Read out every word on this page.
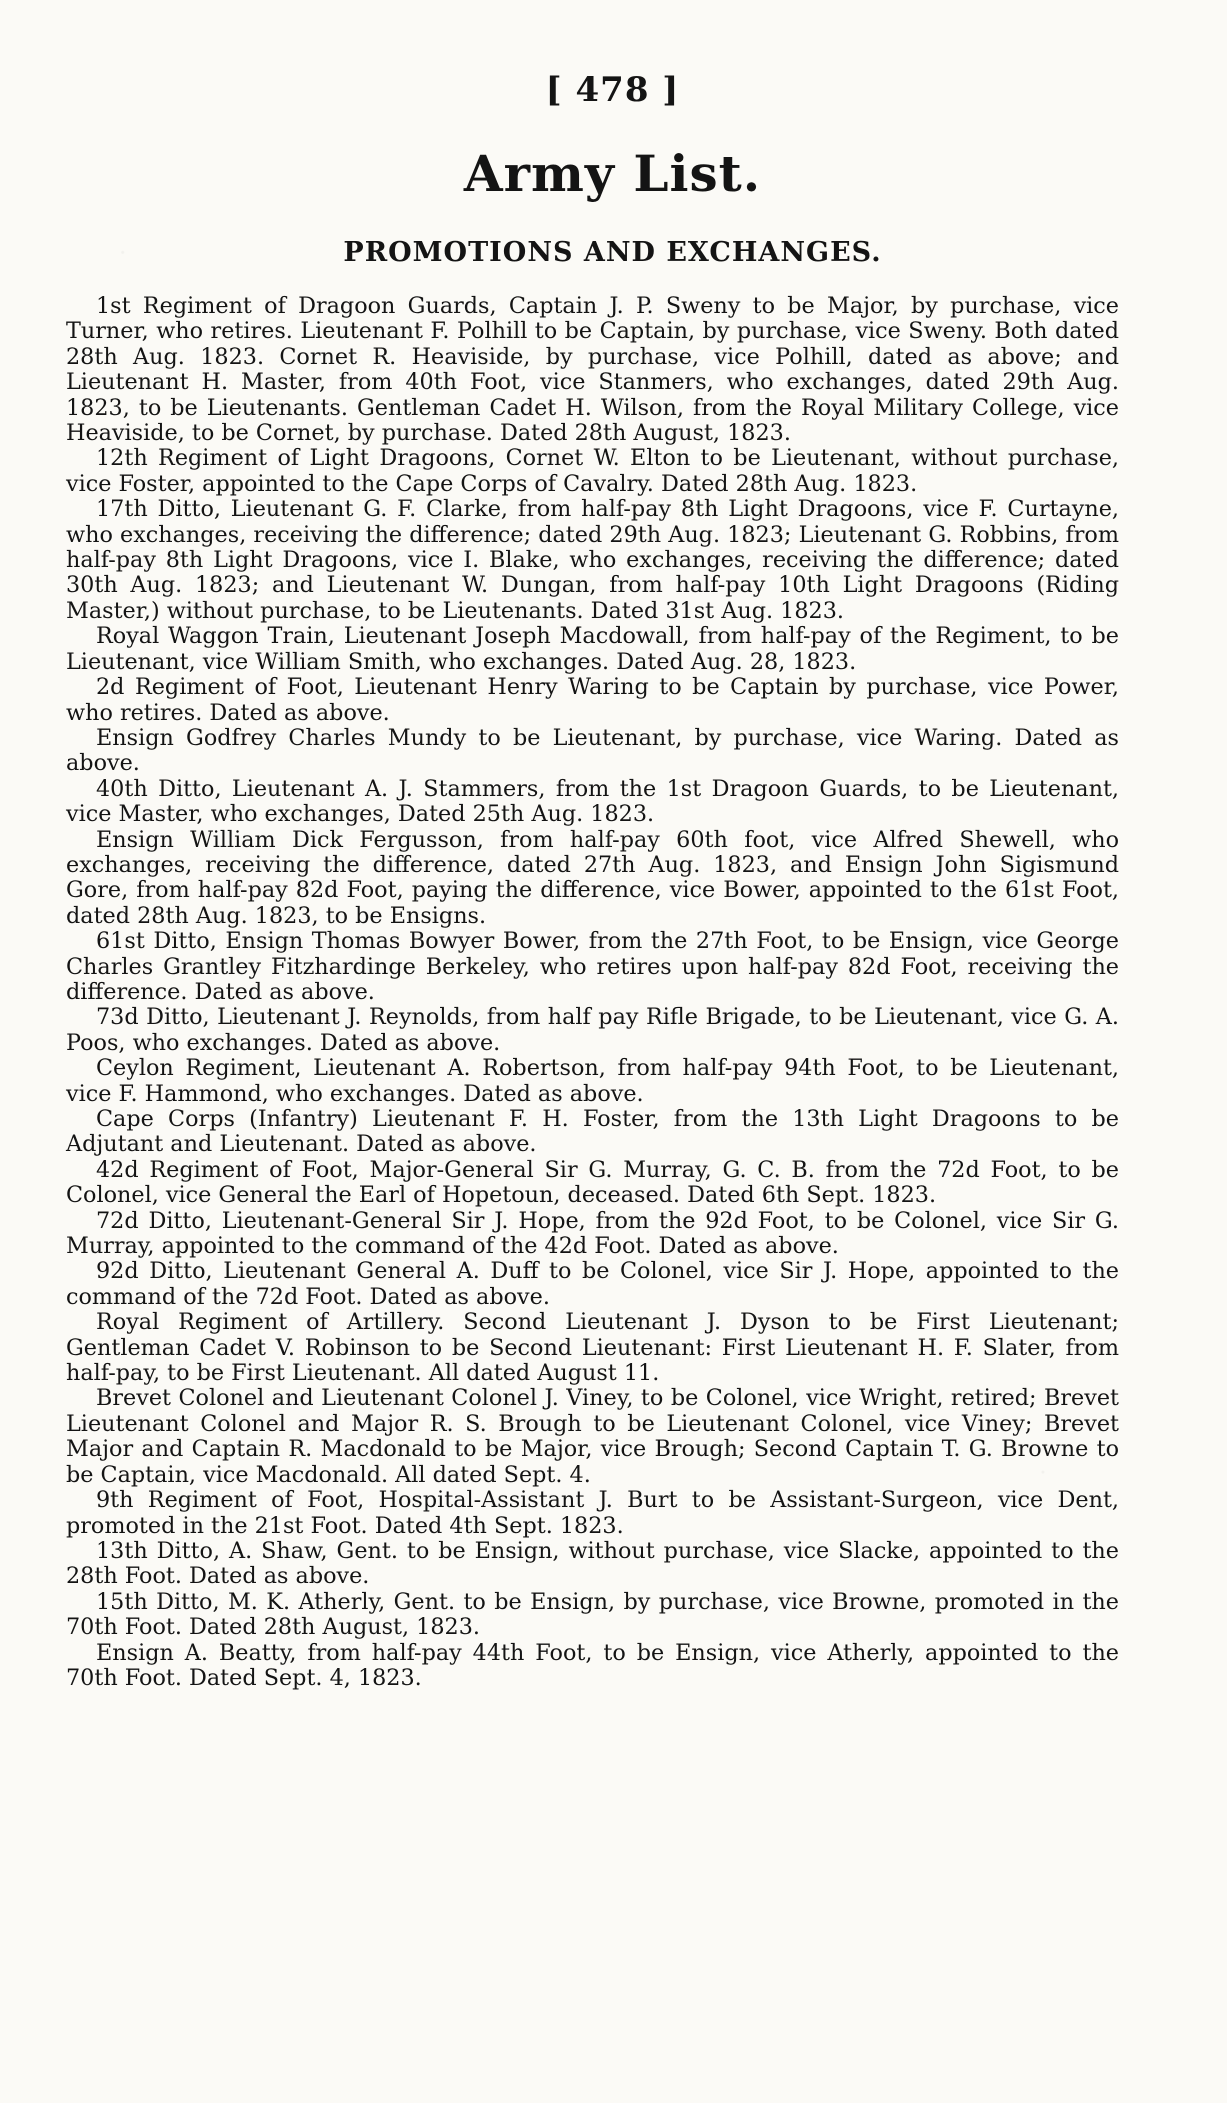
[ 478 ]
Army List.
PROMOTIONS AND EXCHANGES.

1st Regiment of Dragoon Guards, Captain J. P. Sweny to be Major, by purchase, vice Turner, who retires. Lieutenant F. Polhill to be Captain, by purchase, vice Sweny. Both dated 28th Aug. 1823. Cornet R. Heaviside, by purchase, vice Polhill, dated as above; and Lieutenant H. Master, from 40th Foot, vice Stanmers, who exchanges, dated 29th Aug. 1823, to be Lieutenants. Gentleman Cadet H. Wilson, from the Royal Military College, vice Heaviside, to be Cornet, by purchase. Dated 28th August, 1823.

12th Regiment of Light Dragoons, Cornet W. Elton to be Lieutenant, without purchase, vice Foster, appointed to the Cape Corps of Cavalry. Dated 28th Aug. 1823.

17th Ditto, Lieutenant G. F. Clarke, from half-pay 8th Light Dragoons, vice F. Curtayne, who exchanges, receiving the difference; dated 29th Aug. 1823; Lieutenant G. Robbins, from half-pay 8th Light Dragoons, vice I. Blake, who exchanges, receiving the difference; dated 30th Aug. 1823; and Lieutenant W. Dungan, from half-pay 10th Light Dragoons (Riding Master,) without purchase, to be Lieutenants. Dated 31st Aug. 1823.

Royal Waggon Train, Lieutenant Joseph Macdowall, from half-pay of the Regiment, to be Lieutenant, vice William Smith, who exchanges. Dated Aug. 28, 1823.

2d Regiment of Foot, Lieutenant Henry Waring to be Captain by purchase, vice Power, who retires. Dated as above.

Ensign Godfrey Charles Mundy to be Lieutenant, by purchase, vice Waring. Dated as above.

40th Ditto, Lieutenant A. J. Stammers, from the 1st Dragoon Guards, to be Lieutenant, vice Master, who exchanges, Dated 25th Aug. 1823.

Ensign William Dick Fergusson, from half-pay 60th foot, vice Alfred Shewell, who exchanges, receiving the difference, dated 27th Aug. 1823, and Ensign John Sigismund Gore, from half-pay 82d Foot, paying the difference, vice Bower, appointed to the 61st Foot, dated 28th Aug. 1823, to be Ensigns.

61st Ditto, Ensign Thomas Bowyer Bower, from the 27th Foot, to be Ensign, vice George Charles Grantley Fitzhardinge Berkeley, who retires upon half-pay 82d Foot, receiving the difference. Dated as above.

73d Ditto, Lieutenant J. Reynolds, from half pay Rifle Brigade, to be Lieutenant, vice G. A. Poos, who exchanges. Dated as above.

Ceylon Regiment, Lieutenant A. Robertson, from half-pay 94th Foot, to be Lieutenant, vice F. Hammond, who exchanges. Dated as above.

Cape Corps (Infantry) Lieutenant F. H. Foster, from the 13th Light Dragoons to be Adjutant and Lieutenant. Dated as above.

42d Regiment of Foot, Major-General Sir G. Murray, G. C. B. from the 72d Foot, to be Colonel, vice General the Earl of Hopetoun, deceased. Dated 6th Sept. 1823.

72d Ditto, Lieutenant-General Sir J. Hope, from the 92d Foot, to be Colonel, vice Sir G. Murray, appointed to the command of the 42d Foot. Dated as above.

92d Ditto, Lieutenant General A. Duff to be Colonel, vice Sir J. Hope, appointed to the command of the 72d Foot. Dated as above.

Royal Regiment of Artillery. Second Lieutenant J. Dyson to be First Lieutenant; Gentleman Cadet V. Robinson to be Second Lieutenant: First Lieutenant H. F. Slater, from half-pay, to be First Lieutenant. All dated August 11.

Brevet Colonel and Lieutenant Colonel J. Viney, to be Colonel, vice Wright, retired; Brevet Lieutenant Colonel and Major R. S. Brough to be Lieutenant Colonel, vice Viney; Brevet Major and Captain R. Macdonald to be Major, vice Brough; Second Captain T. G. Browne to be Captain, vice Macdonald. All dated Sept. 4.

9th Regiment of Foot, Hospital-Assistant J. Burt to be Assistant-Surgeon, vice Dent, promoted in the 21st Foot. Dated 4th Sept. 1823.

13th Ditto, A. Shaw, Gent. to be Ensign, without purchase, vice Slacke, appointed to the 28th Foot. Dated as above.

15th Ditto, M. K. Atherly, Gent. to be Ensign, by purchase, vice Browne, promoted in the 70th Foot. Dated 28th August, 1823.

Ensign A. Beatty, from half-pay 44th Foot, to be Ensign, vice Atherly, appointed to the 70th Foot. Dated Sept. 4, 1823.
